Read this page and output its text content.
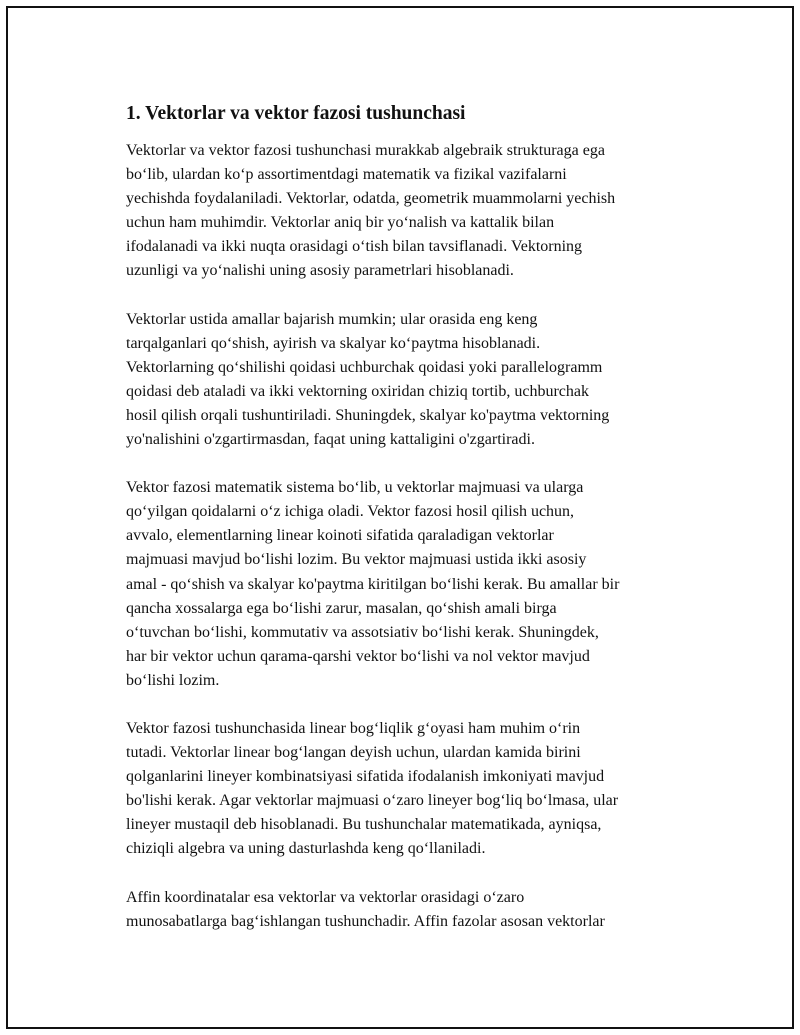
1. Vektorlar va vektor fazosi tushunchasi

Vektorlar va vektor fazosi tushunchasi murakkab algebraik strukturaga ega
bo‘lib, ulardan ko‘p assortimentdagi matematik va fizikal vazifalarni
yechishda foydalaniladi. Vektorlar, odatda, geometrik muammolarni yechish
uchun ham muhimdir. Vektorlar aniq bir yo‘nalish va kattalik bilan
ifodalanadi va ikki nuqta orasidagi o‘tish bilan tavsiflanadi. Vektorning
uzunligi va yo‘nalishi uning asosiy parametrlari hisoblanadi.

Vektorlar ustida amallar bajarish mumkin; ular orasida eng keng
tarqalganlari qo‘shish, ayirish va skalyar ko‘paytma hisoblanadi.
Vektorlarning qo‘shilishi qoidasi uchburchak qoidasi yoki parallelogramm
qoidasi deb ataladi va ikki vektorning oxiridan chiziq tortib, uchburchak
hosil qilish orqali tushuntiriladi. Shuningdek, skalyar ko'paytma vektorning
yo'nalishini o'zgartirmasdan, faqat uning kattaligini o'zgartiradi.

Vektor fazosi matematik sistema bo‘lib, u vektorlar majmuasi va ularga
qo‘yilgan qoidalarni o‘z ichiga oladi. Vektor fazosi hosil qilish uchun,
avvalo, elementlarning linear koinoti sifatida qaraladigan vektorlar
majmuasi mavjud bo‘lishi lozim. Bu vektor majmuasi ustida ikki asosiy
amal - qo‘shish va skalyar ko'paytma kiritilgan bo‘lishi kerak. Bu amallar bir
qancha xossalarga ega bo‘lishi zarur, masalan, qo‘shish amali birga
o‘tuvchan bo‘lishi, kommutativ va assotsiativ bo‘lishi kerak. Shuningdek,
har bir vektor uchun qarama-qarshi vektor bo‘lishi va nol vektor mavjud
bo‘lishi lozim.

Vektor fazosi tushunchasida linear bog‘liqlik g‘oyasi ham muhim o‘rin
tutadi. Vektorlar linear bog‘langan deyish uchun, ulardan kamida birini
qolganlarini lineyer kombinatsiyasi sifatida ifodalanish imkoniyati mavjud
bo'lishi kerak. Agar vektorlar majmuasi o‘zaro lineyer bog‘liq bo‘lmasa, ular
lineyer mustaqil deb hisoblanadi. Bu tushunchalar matematikada, ayniqsa,
chiziqli algebra va uning dasturlashda keng qo‘llaniladi.

Affin koordinatalar esa vektorlar va vektorlar orasidagi o‘zaro
munosabatlarga bag‘ishlangan tushunchadir. Affin fazolar asosan vektorlar
